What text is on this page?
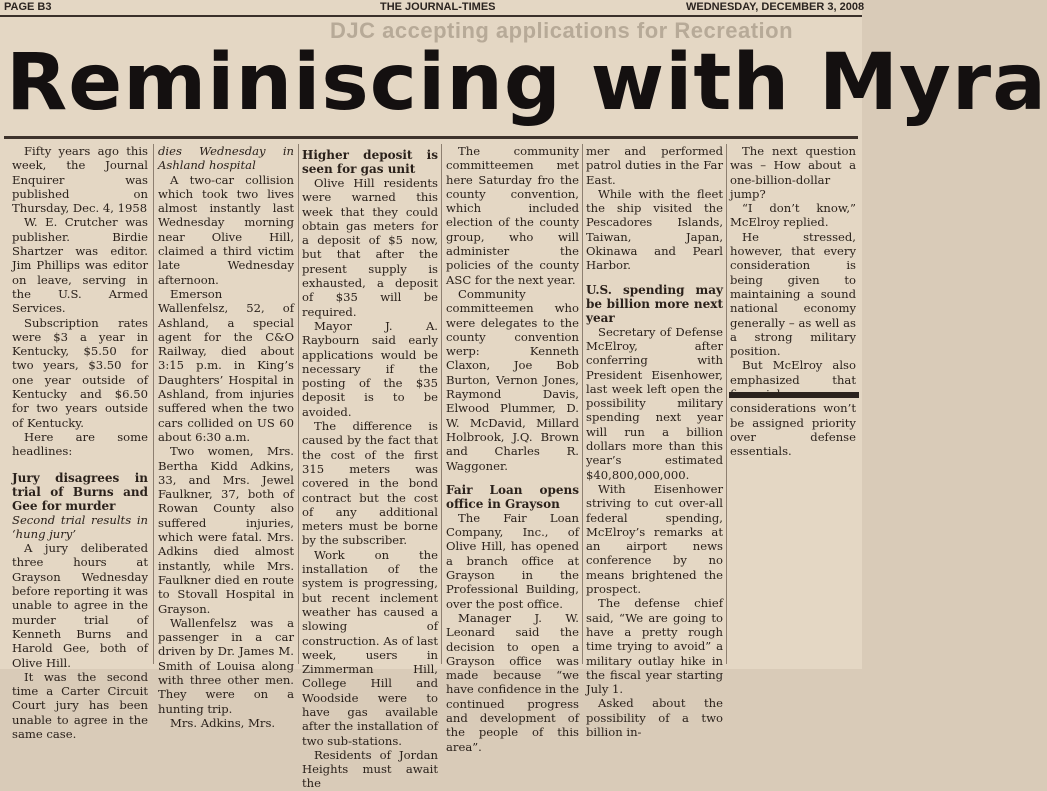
PAGE B3	THE JOURNAL-TIMES	WEDNESDAY, DECEMBER 3, 2008
DJC accepting applications for Recreation
Reminiscing with Myra

Fifty years ago this week, the Journal Enquirer was published on Thursday, Dec. 4, 1958

W. E. Crutcher was publisher. Birdie Shartzer was editor. Jim Phillips was editor on leave, serving in the U.S. Armed Services.

Subscription rates were $3 a year in Kentucky, $5.50 for two years, $3.50 for one year outside of Kentucky and $6.50 for two years outside of Kentucky.

Here are some headlines:

Jury disagrees in trial of Burns and Gee for murder

Second trial results in ‘hung jury’

A jury deliberated three hours at Grayson Wednesday before reporting it was unable to agree in the murder trial of Kenneth Burns and Harold Gee, both of Olive Hill.

It was the second time a Carter Circuit Court jury has been unable to agree in the same case.

dies Wednesday in Ashland hospital

A two-car collision which took two lives almost instantly last Wednesday morning near Olive Hill, claimed a third victim late Wednesday afternoon.

Emerson Wallenfelsz, 52, of Ashland, a special agent for the C&O Railway, died about 3:15 p.m. in King’s Daughters’ Hospital in Ashland, from injuries suffered when the two cars collided on US 60 about 6:30 a.m.

Two women, Mrs. Bertha Kidd Adkins, 33, and Mrs. Jewel Faulkner, 37, both of Rowan County also suffered injuries, which were fatal. Mrs. Adkins died almost instantly, while Mrs. Faulkner died en route to Stovall Hospital in Grayson.

Wallenfelsz was a passenger in a car driven by Dr. James M. Smith of Louisa along with three other men. They were on a hunting trip.

Mrs. Adkins, Mrs.

Higher deposit is seen for gas unit

Olive Hill residents were warned this week that they could obtain gas meters for a deposit of $5 now, but that after the present supply is exhausted, a deposit of $35 will be required.

Mayor J. A. Raybourn said early applications would be necessary if the posting of the $35 deposit is to be avoided.

The difference is caused by the fact that the cost of the first 315 meters was covered in the bond contract but the cost of any additional meters must be borne by the subscriber.

Work on the installation of the system is progressing, but recent inclement weather has caused a slowing of construction. As of last week, users in Zimmerman Hill, College Hill and Woodside were to have gas available after the installation of two sub-stations.

Residents of Jordan Heights must await the

The community committeemen met here Saturday fro the county convention, which included election of the county group, who will administer the policies of the county ASC for the next year.

Community committeemen who were delegates to the county convention werp: Kenneth Claxon, Joe Bob Burton, Vernon Jones, Raymond Davis, Elwood Plummer, D. W. McDavid, Millard Holbrook, J.Q. Brown and Charles R. Waggoner.

Fair Loan opens office in Grayson

The Fair Loan Company, Inc., of Olive Hill, has opened a branch office at Grayson in the Professional Building, over the post office.

Manager J. W. Leonard said the decision to open a Grayson office was made because “we have confidence in the continued progress and development of the people of this area”.

mer and performed patrol duties in the Far East.

While with the fleet the ship visited the Pescadores Islands, Taiwan, Japan, Okinawa and Pearl Harbor.

U.S. spending may be billion more next year

Secretary of Defense McElroy, after conferring with President Eisenhower, last week left open the possibility military spending next year will run a billion dollars more than this year’s estimated $40,800,000,000.

With Eisenhower striving to cut over-all federal spending, McElroy’s remarks at an airport news conference by no means brightened the prospect.

The defense chief said, “We are going to have a pretty rough time trying to avoid” a military outlay hike in the fiscal year starting July 1.

Asked about the possibility of a two billion in-

The next question was – How about a one-billion-dollar jump?

“I don’t know,” McElroy replied.

He stressed, however, that every consideration is being given to maintaining a sound national economy generally – as well as a strong military position.

But McElroy also emphasized that considerations won’t be assigned priority over defense essentials.
